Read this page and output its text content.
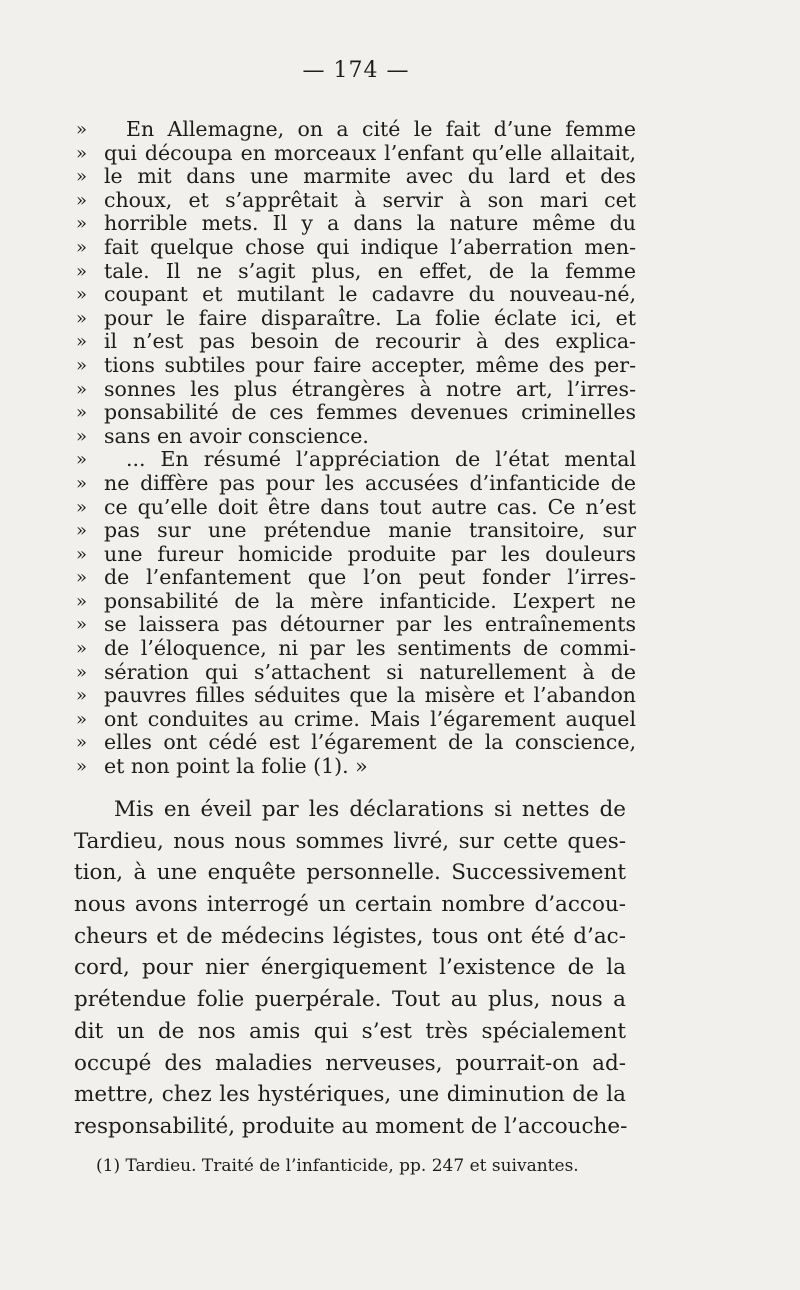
— 174 —
»	En Allemagne, on a cité le fait d’une femme
» qui découpa en morceaux l’enfant qu’elle allaitait,
» le mit dans une marmite avec du lard et des
» choux, et s’apprêtait à servir à son mari cet
» horrible mets. Il y a dans la nature même du
» fait quelque chose qui indique l’aberration men-
» tale. Il ne s’agit plus, en effet, de la femme
» coupant et mutilant le cadavre du nouveau-né,
» pour le faire disparaître. La folie éclate ici, et
» il n’est pas besoin de recourir à des explica-
» tions subtiles pour faire accepter, même des per-
» sonnes les plus étrangères à notre art, l’irres-
» ponsabilité de ces femmes devenues criminelles
» sans en avoir conscience.
»	... En résumé l’appréciation de l’état mental
» ne diffère pas pour les accusées d’infanticide de
» ce qu’elle doit être dans tout autre cas. Ce n’est
» pas sur une prétendue manie transitoire, sur
» une fureur homicide produite par les douleurs
» de l’enfantement que l’on peut fonder l’irres-
» ponsabilité de la mère infanticide. L’expert ne
» se laissera pas détourner par les entraînements
» de l’éloquence, ni par les sentiments de commi-
» sération qui s’attachent si naturellement à de
» pauvres filles séduites que la misère et l’abandon
» ont conduites au crime. Mais l’égarement auquel
» elles ont cédé est l’égarement de la conscience,
» et non point la folie (1). »
Mis en éveil par les déclarations si nettes de
Tardieu, nous nous sommes livré, sur cette ques-
tion, à une enquête personnelle. Successivement
nous avons interrogé un certain nombre d’accou-
cheurs et de médecins légistes, tous ont été d’ac-
cord, pour nier énergiquement l’existence de la
prétendue folie puerpérale. Tout au plus, nous a
dit un de nos amis qui s’est très spécialement
occupé des maladies nerveuses, pourrait-on ad-
mettre, chez les hystériques, une diminution de la
responsabilité, produite au moment de l’accouche-
(1) Tardieu. Traité de l’infanticide, pp. 247 et suivantes.
